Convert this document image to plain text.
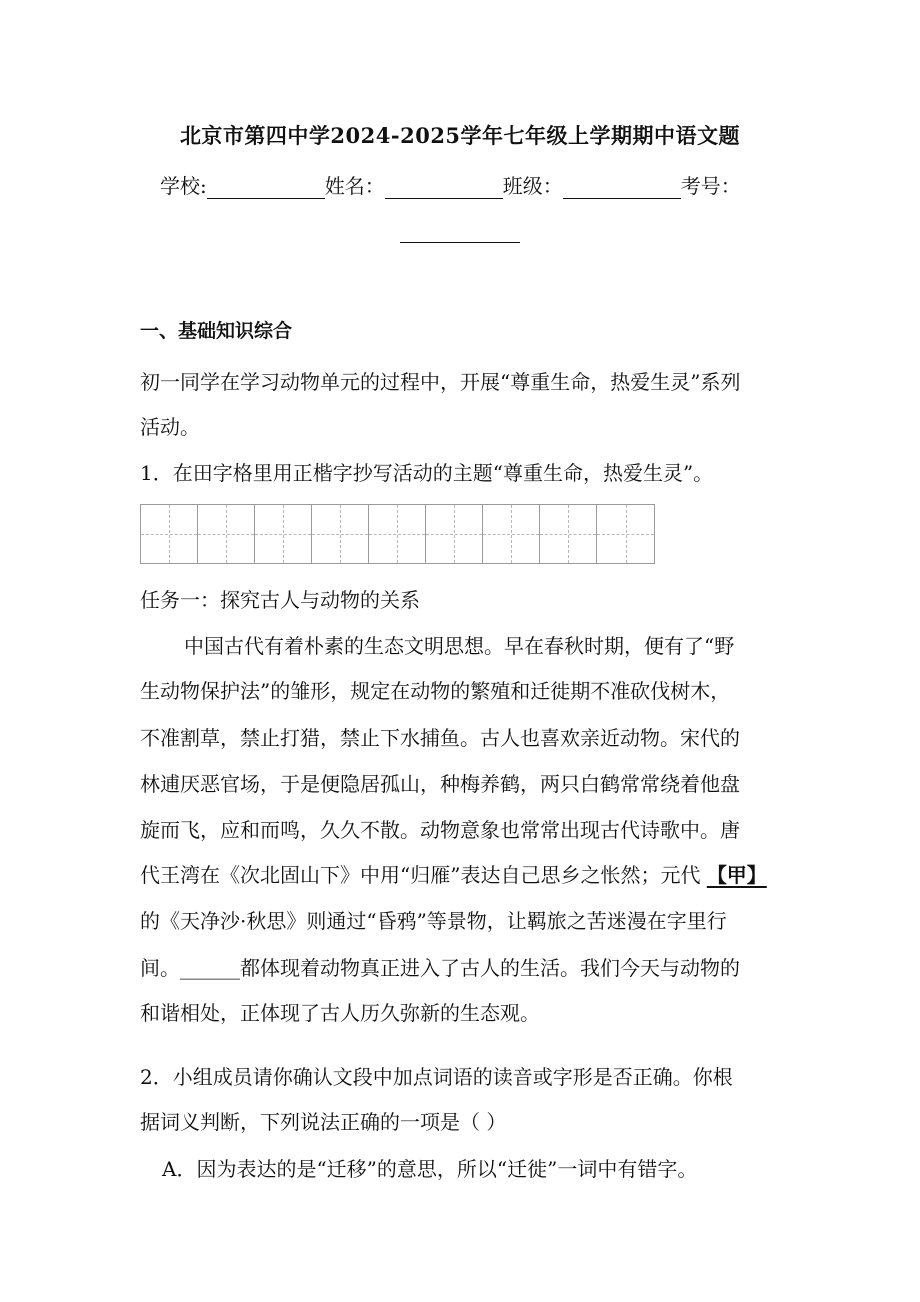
北京市第四中学2024-2025学年七年级上学期期中语文题
学校:	姓名：	班级：	考号：
一、基础知识综合
初一同学在学习动物单元的过程中，开展“尊重生命，热爱生灵”系列
活动。
1．在田字格里用正楷字抄写活动的主题“尊重生命，热爱生灵”。
任务一：探究古人与动物的关系
中国古代有着朴素的生态文明思想。早在春秋时期，便有了“野
生动物保护法”的雏形，规定在动物的繁殖和迁徙期不准砍伐树木，
不准割草，禁止打猎，禁止下水捕鱼。古人也喜欢亲近动物。宋代的
林逋厌恶官场，于是便隐居孤山，种梅养鹤，两只白鹤常常绕着他盘
旋而飞，应和而鸣，久久不散。动物意象也常常出现古代诗歌中。唐
代王湾在《次北固山下》中用“归雁”表达自己思乡之怅然；元代 【甲】
的《天净沙·秋思》则通过“昏鸦”等景物，让羁旅之苦迷漫在字里行
间。______都体现着动物真正进入了古人的生活。我们今天与动物的
和谐相处，正体现了古人历久弥新的生态观。
2．小组成员请你确认文段中加点词语的读音或字形是否正确。你根
据词义判断，下列说法正确的一项是（ ）
A．因为表达的是“迁移”的意思，所以“迁徙”一词中有错字。
